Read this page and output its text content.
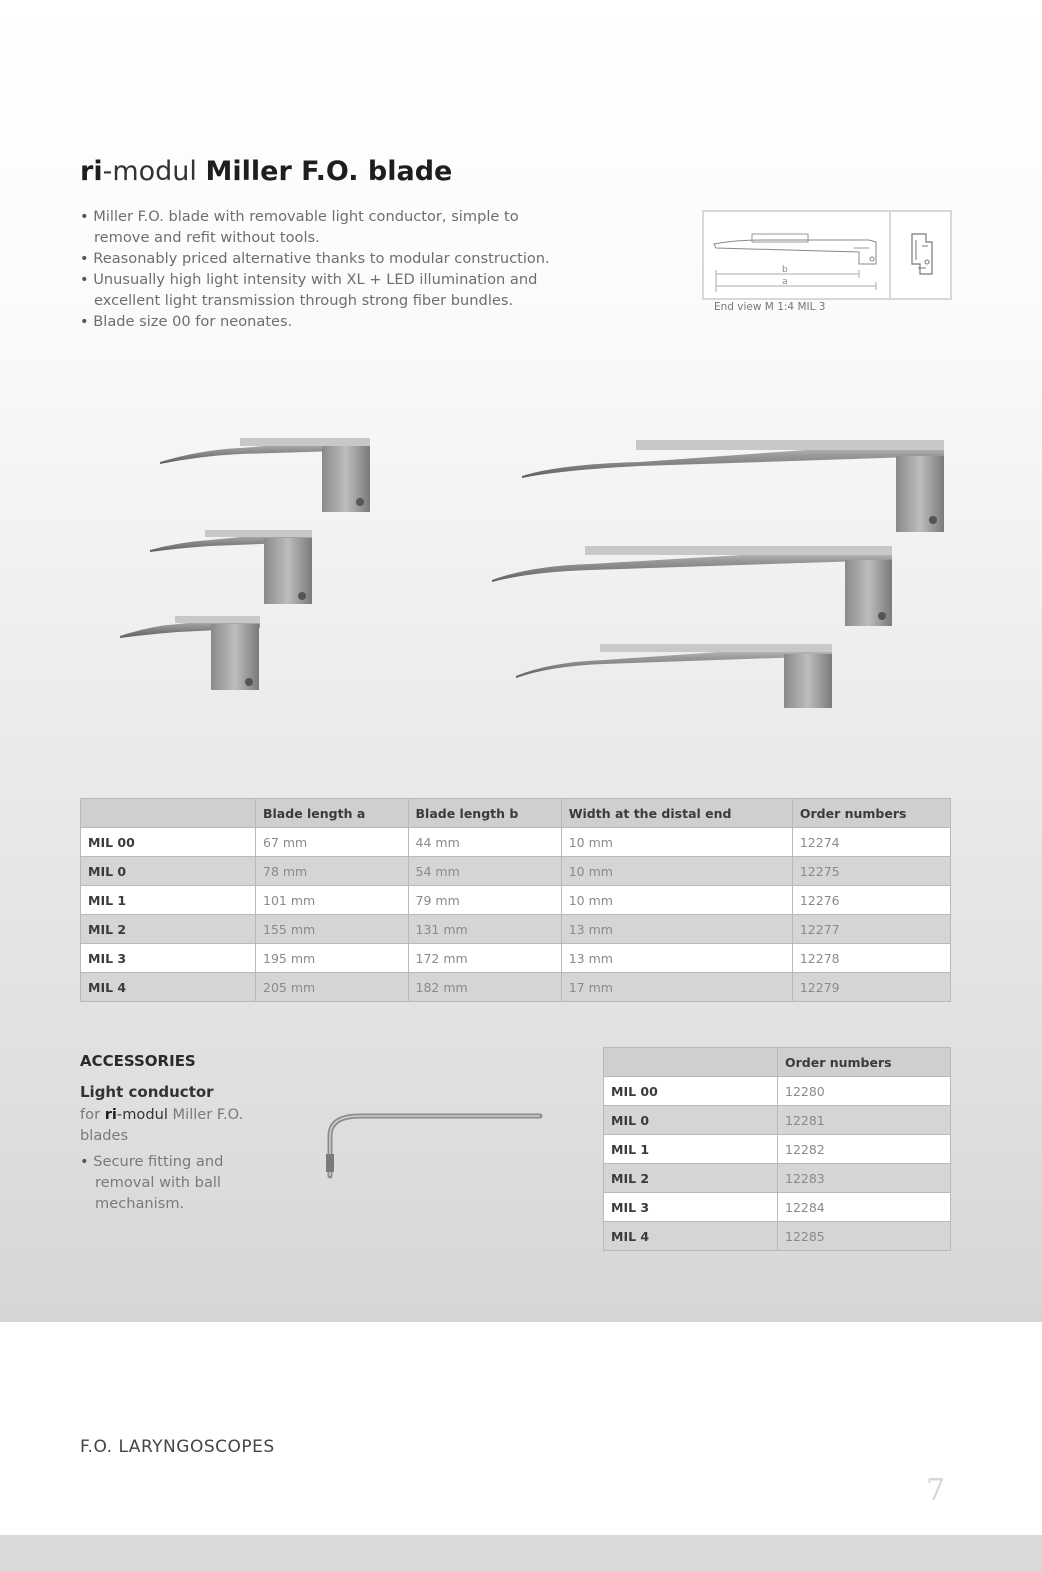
ri-modul Miller F.O. blade
• Miller F.O. blade with removable light conductor, simple to remove and refit without tools.
• Reasonably priced alternative thanks to modular construction.
• Unusually high light intensity with XL + LED illumination and excellent light transmission through strong fiber bundles.
• Blade size 00 for neonates.
b
a
End view M 1:4 MIL 3
	Blade length a	Blade length b	Width at the distal end	Order numbers
MIL 00	67 mm	44 mm	10 mm	12274
MIL 0	78 mm	54 mm	10 mm	12275
MIL 1	101 mm	79 mm	10 mm	12276
MIL 2	155 mm	131 mm	13 mm	12277
MIL 3	195 mm	172 mm	13 mm	12278
MIL 4	205 mm	182 mm	17 mm	12279
ACCESSORIES
Light conductor
for ri-modul Miller F.O. blades
• Secure fitting and removal with ball mechanism.
	Order numbers
MIL 00	12280
MIL 0	12281
MIL 1	12282
MIL 2	12283
MIL 3	12284
MIL 4	12285
F.O. LARYNGOSCOPES
7
